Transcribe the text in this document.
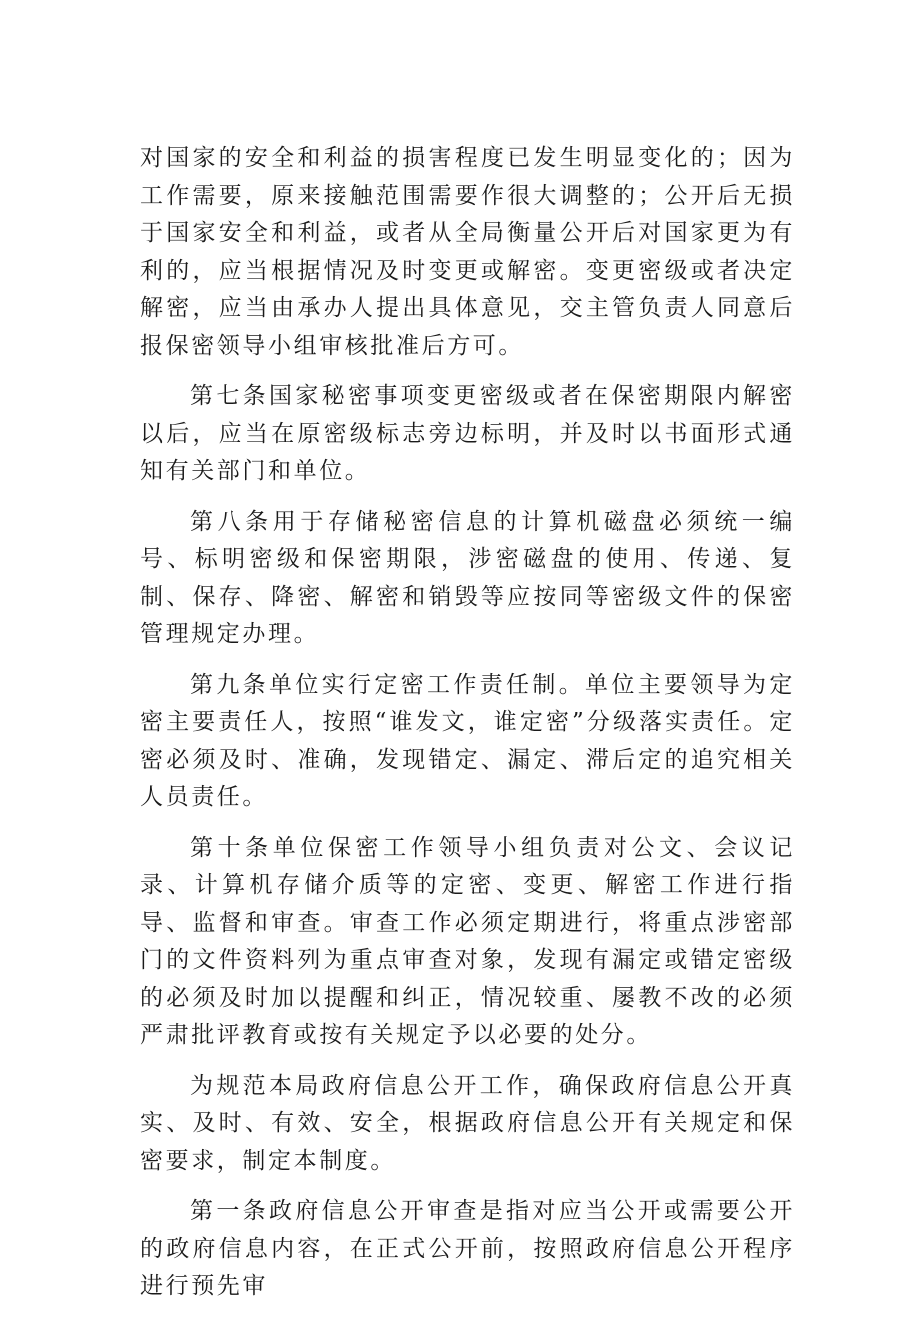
对国家的安全和利益的损害程度已发生明显变化的；因为工作需要，原来接触范围需要作很大调整的；公开后无损于国家安全和利益，或者从全局衡量公开后对国家更为有利的，应当根据情况及时变更或解密。变更密级或者决定解密，应当由承办人提出具体意见，交主管负责人同意后报保密领导小组审核批准后方可。

第七条国家秘密事项变更密级或者在保密期限内解密以后，应当在原密级标志旁边标明，并及时以书面形式通知有关部门和单位。

第八条用于存储秘密信息的计算机磁盘必须统一编号、标明密级和保密期限，涉密磁盘的使用、传递、复制、保存、降密、解密和销毁等应按同等密级文件的保密管理规定办理。

第九条单位实行定密工作责任制。单位主要领导为定密主要责任人，按照“谁发文，谁定密”分级落实责任。定密必须及时、准确，发现错定、漏定、滞后定的追究相关人员责任。

第十条单位保密工作领导小组负责对公文、会议记录、计算机存储介质等的定密、变更、解密工作进行指导、监督和审查。审查工作必须定期进行，将重点涉密部门的文件资料列为重点审查对象，发现有漏定或错定密级的必须及时加以提醒和纠正，情况较重、屡教不改的必须严肃批评教育或按有关规定予以必要的处分。

为规范本局政府信息公开工作，确保政府信息公开真实、及时、有效、安全，根据政府信息公开有关规定和保密要求，制定本制度。

第一条政府信息公开审查是指对应当公开或需要公开的政府信息内容，在正式公开前，按照政府信息公开程序进行预先审
